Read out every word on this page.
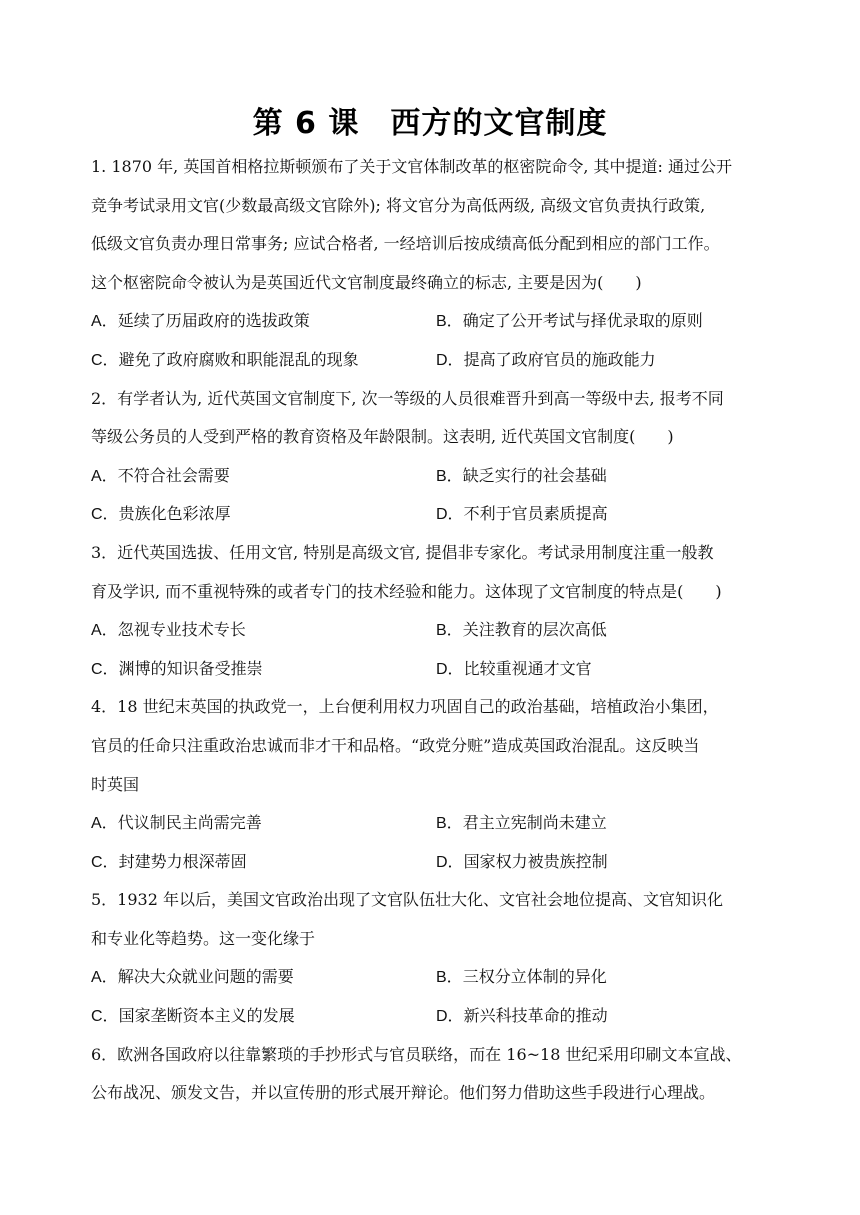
第 6 课　西方的文官制度
1. 1870 年, 英国首相格拉斯顿颁布了关于文官体制改革的枢密院命令, 其中提道: 通过公开
竞争考试录用文官(少数最高级文官除外); 将文官分为高低两级, 高级文官负责执行政策,
低级文官负责办理日常事务; 应试合格者, 一经培训后按成绩高低分配到相应的部门工作。
这个枢密院命令被认为是英国近代文官制度最终确立的标志, 主要是因为(　　)
A．延续了历届政府的选拔政策	B．确定了公开考试与择优录取的原则
C．避免了政府腐败和职能混乱的现象	D．提高了政府官员的施政能力
2．有学者认为, 近代英国文官制度下, 次一等级的人员很难晋升到高一等级中去, 报考不同
等级公务员的人受到严格的教育资格及年龄限制。这表明, 近代英国文官制度(　　)
A．不符合社会需要	B．缺乏实行的社会基础
C．贵族化色彩浓厚	D．不利于官员素质提高
3．近代英国选拔、任用文官, 特别是高级文官, 提倡非专家化。考试录用制度注重一般教
育及学识, 而不重视特殊的或者专门的技术经验和能力。这体现了文官制度的特点是(　　)
A．忽视专业技术专长	B．关注教育的层次高低
C．渊博的知识备受推崇	D．比较重视通才文官
4．18 世纪末英国的执政党一，上台便利用权力巩固自己的政治基础，培植政治小集团，
官员的任命只注重政治忠诚而非才干和品格。“政党分赃”造成英国政治混乱。这反映当
时英国
A．代议制民主尚需完善	B．君主立宪制尚未建立
C．封建势力根深蒂固	D．国家权力被贵族控制
5．1932 年以后，美国文官政治出现了文官队伍壮大化、文官社会地位提高、文官知识化
和专业化等趋势。这一变化缘于
A．解决大众就业问题的需要	B．三权分立体制的异化
C．国家垄断资本主义的发展	D．新兴科技革命的推动
6．欧洲各国政府以往靠繁琐的手抄形式与官员联络，而在 16~18 世纪采用印刷文本宣战、
公布战况、颁发文告，并以宣传册的形式展开辩论。他们努力借助这些手段进行心理战。
